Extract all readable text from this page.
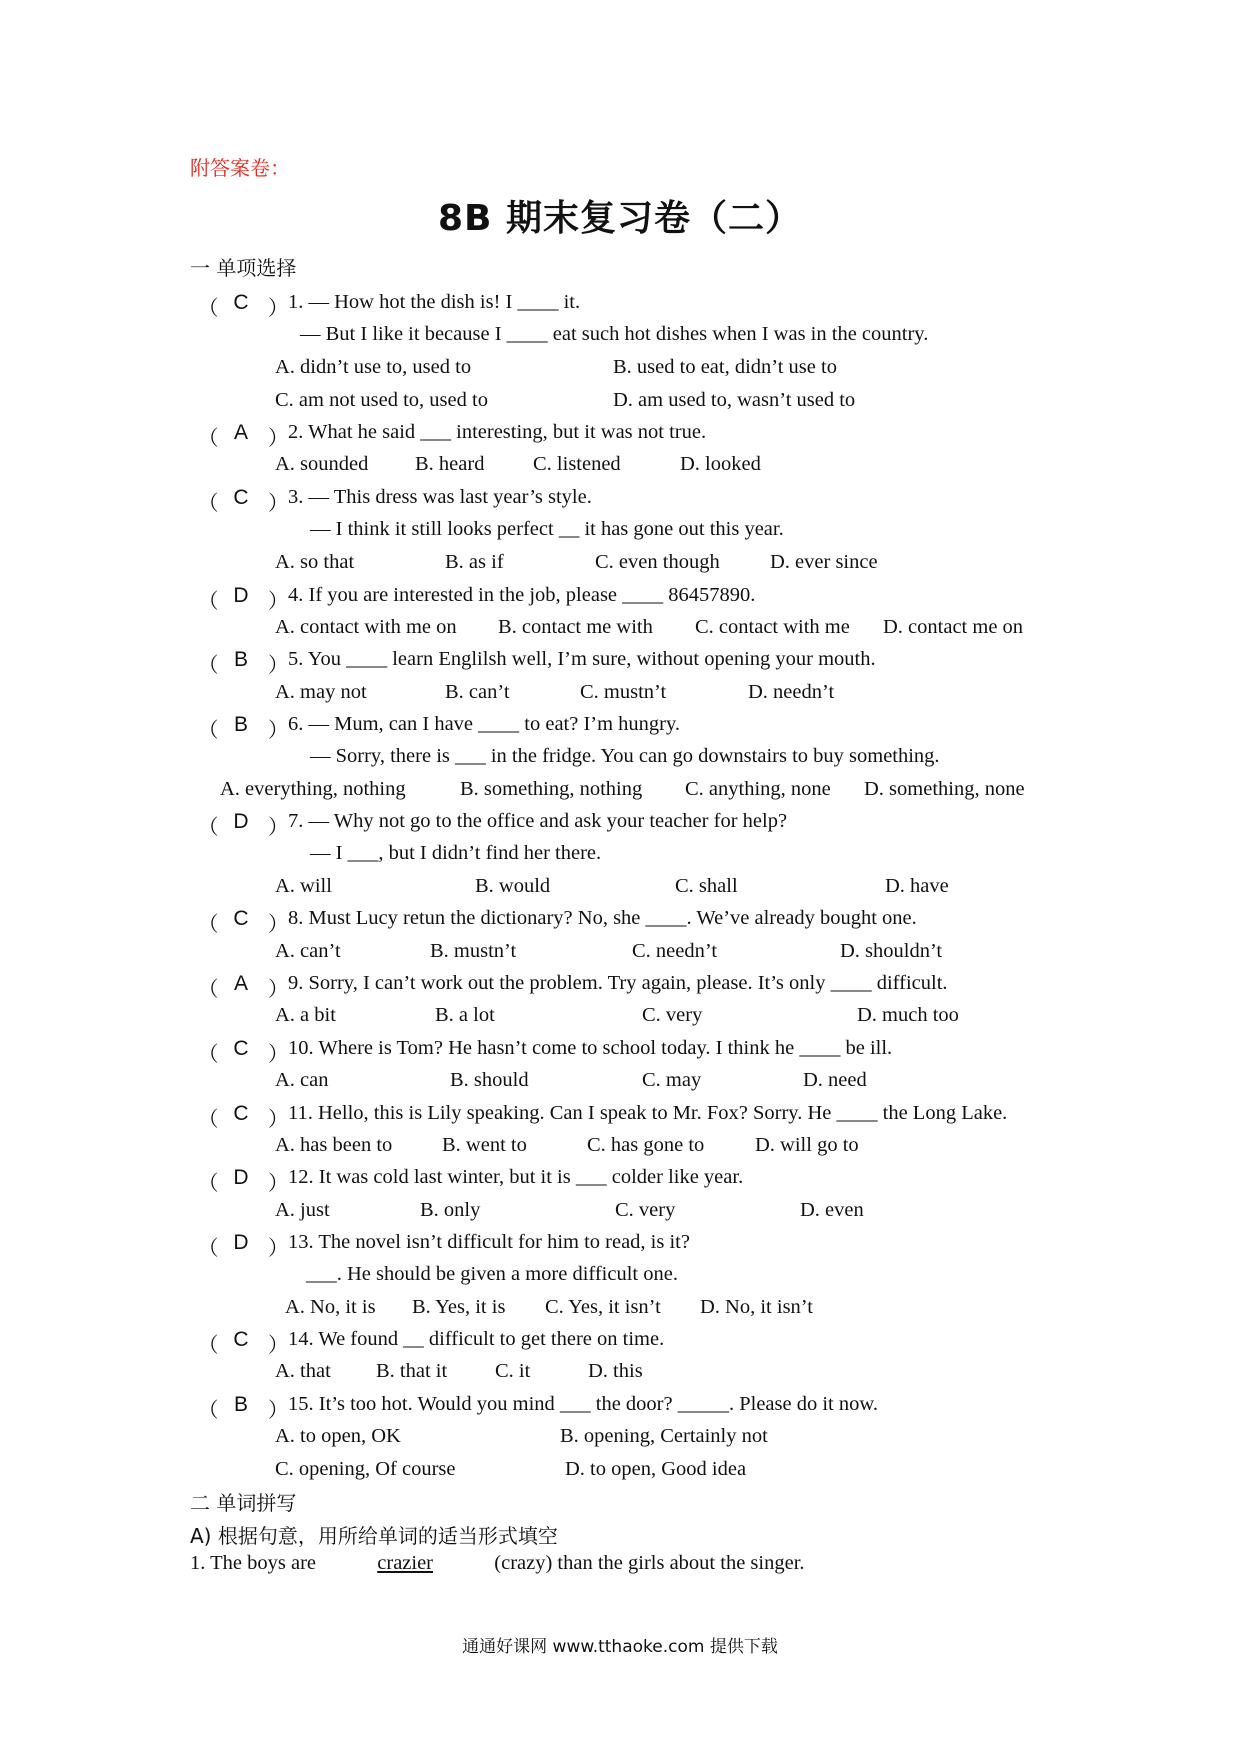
附答案卷：
8B 期末复习卷（二）
一 单项选择
（ C ） 1. — How hot the dish is! I ____ it.
— But I like it because I ____ eat such hot dishes when I was in the country.
A. didn’t use to, used to	B. used to eat, didn’t use to
C. am not used to, used to	D. am used to, wasn’t used to
（ A ） 2. What he said ___ interesting, but it was not true.
A. sounded B. heard C. listened	D. looked
（ C ） 3. — This dress was last year’s style.
— I think it still looks perfect __ it has gone out this year.
A. so that	B. as if	C. even though D. ever since
（ D ） 4. If you are interested in the job, please ____ 86457890.
A. contact with me on B. contact me with C. contact with me D. contact me on
（ B ） 5. You ____ learn Englilsh well, I’m sure, without opening your mouth.
A. may not	B. can’t	C. mustn’t	D. needn’t
（ B ） 6. — Mum, can I have ____ to eat? I’m hungry.
— Sorry, there is ___ in the fridge. You can go downstairs to buy something.
A. everything, nothing	B. something, nothing C. anything, none D. something, none
（ D ） 7. — Why not go to the office and ask your teacher for help?
— I ___, but I didn’t find her there.
A. will	B. would	C. shall	D. have
（ C ） 8. Must Lucy retun the dictionary? No, she ____. We’ve already bought one.
A. can’t	B. mustn’t	C. needn’t	D. shouldn’t
（ A ） 9. Sorry, I can’t work out the problem. Try again, please. It’s only ____ difficult.
A. a bit	B. a lot	C. very	D. much too
（ C ） 10. Where is Tom? He hasn’t come to school today. I think he ____ be ill.
A. can	B. should	C. may	D. need
（ C ） 11. Hello, this is Lily speaking. Can I speak to Mr. Fox? Sorry. He ____ the Long Lake.
A. has been to B. went to	C. has gone to D. will go to
（ D ） 12. It was cold last winter, but it is ___ colder like year.
A. just	B. only	C. very	D. even
（ D ） 13. The novel isn’t difficult for him to read, is it?
___. He should be given a more difficult one.
A. No, it is B. Yes, it is C. Yes, it isn’t D. No, it isn’t
（ C ） 14. We found __ difficult to get there on time.
A. that B. that it C. it	D. this
（ B ） 15. It’s too hot. Would you mind ___ the door? _____. Please do it now.
A. to open, OK	B. opening, Certainly not
C. opening, Of course	D. to open, Good idea
二 单词拼写
A) 根据句意，用所给单词的适当形式填空
1. The boys are	crazier	(crazy) than the girls about the singer.
通通好课网 www.tthaoke.com 提供下载
